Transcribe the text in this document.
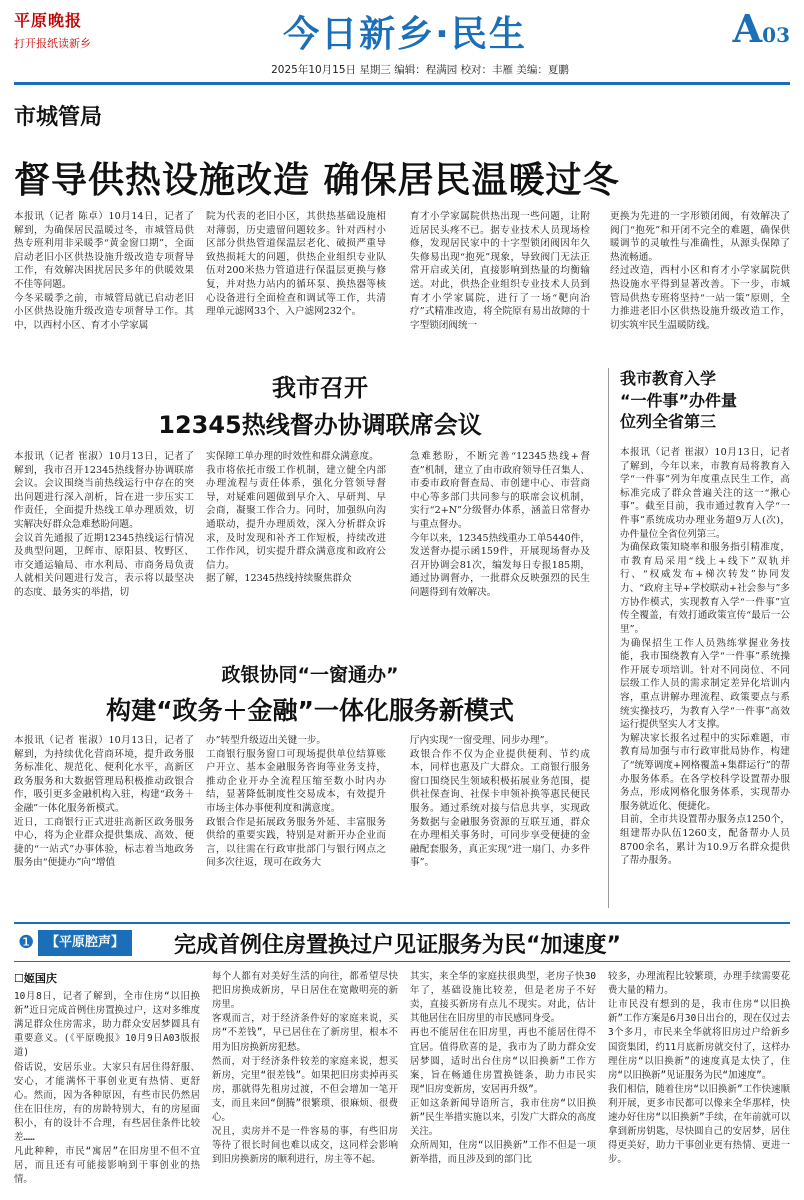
平原晚报
打开报纸读新乡	今日新乡·民生	A03
2025年10月15日 星期三 编辑：程满园 校对：丰雁 美编：夏鹏
市城管局
督导供热设施改造 确保居民温暖过冬
本报讯（记者 陈卓）10月14日，记者了解到，为确保居民温暖过冬，市城管局供热专班利用非采暖季“黄金窗口期”，全面启动老旧小区供热设施升级改造专项督导工作，有效解决困扰居民多年的供暖效果不佳等问题。
今冬采暖季之前，市城管局就已启动老旧小区供热设施升级改造专项督导工作。其中，以西村小区、育才小学家属
院为代表的老旧小区，其供热基础设施相对薄弱，历史遗留问题较多。针对西村小区部分供热管道保温层老化、破损严重导致热损耗大的问题，供热企业组织专业队伍对200米热力管道进行保温层更换与修复，并对热力站内的循环泵、换热器等核心设备进行全面检查和调试等工作，共清理单元滤网33个、入户滤网232个。
育才小学家属院供热出现一些问题，让附近居民头疼不已。据专业技术人员现场检修，发现居民家中的十字型锁闭阀因年久失修易出现“抱死”现象，导致阀门无法正常开启或关闭，直接影响到热量的均衡输送。对此，供热企业组织专业技术人员到育才小学家属院，进行了一场“靶向治疗”式精准改造，将全院原有易出故障的十字型锁闭阀统一
更换为先进的一字形锁闭阀，有效解决了阀门“抱死”和开闭不完全的难题，确保供暖调节的灵敏性与准确性，从源头保障了热流畅通。
经过改造，西村小区和育才小学家属院供热设施水平得到显著改善。下一步，市城管局供热专班将坚持“一站一策”原则，全力推进老旧小区供热设施升级改造工作，切实筑牢民生温暖防线。
我市召开
12345热线督办协调联席会议
本报讯（记者 崔淑）10月13日，记者了解到，我市召开12345热线督办协调联席会议。会议围绕当前热线运行中存在的突出问题进行深入剖析，旨在进一步压实工作责任，全面提升热线工单办理质效，切实解决好群众急难愁盼问题。
会议首先通报了近期12345热线运行情况及典型问题，卫辉市、原阳县、牧野区、市交通运输局、市水利局、市商务局负责人就相关问题进行发言，表示将以最坚决的态度、最务实的举措，切
实保障工单办理的时效性和群众满意度。
我市将依托市级工作机制，建立健全内部办理流程与责任体系，强化分管领导督导，对疑难问题做到早介入、早研判、早会商，凝聚工作合力。同时，加强纵向沟通联动，提升办理质效，深入分析群众诉求，及时发现和补齐工作短板，持续改进工作作风，切实提升群众满意度和政府公信力。
据了解，12345热线持续聚焦群众
急难愁盼，不断完善“12345热线+督查”机制，建立了由市政府领导任召集人、市委市政府督查局、市创建中心、市营商中心等多部门共同参与的联席会议机制，实行“2+N”分级督办体系，涵盖日常督办与重点督办。
今年以来，12345热线重办工单5440件，发送督办提示函159件，开展现场督办及召开协调会81次，编发每日专报185期，通过协调督办，一批群众反映强烈的民生问题得到有效解决。
我市教育入学
“一件事”办件量
位列全省第三
本报讯（记者 崔淑）10月13日，记者了解到，今年以来，市教育局将教育入学“一件事”列为年度重点民生工作，高标准完成了群众普遍关注的这一“揪心事”。截至目前，我市通过教育入学“一件事”系统成功办理业务超9万人(次)，办件量位全省位列第三。
为确保政策知晓率和服务指引精准度，市教育局采用“线上+线下”双轨并行、“权威发布+梯次转发”协同发力、“政府主导+学校联动+社会参与”多方协作模式，实现教育入学“一件事”宣传全覆盖，有效打通政策宣传“最后一公里”。
为确保招生工作人员熟练掌握业务技能，我市围绕教育入学“一件事”系统操作开展专项培训。针对不同岗位、不同层级工作人员的需求制定差异化培训内容，重点讲解办理流程、政策要点与系统实操技巧，为教育入学“一件事”高效运行提供坚实人才支撑。
为解决家长报名过程中的实际难题，市教育局加强与市行政审批局协作，构建了“统筹调度+网格覆盖+集群运行”的帮办服务体系。在各学校科学设置帮办服务点，形成网格化服务体系，实现帮办服务就近化、便捷化。
目前，全市共设置帮办服务点1250个，组建帮办队伍1260支，配备帮办人员8700余名，累计为10.9万名群众提供了帮办服务。
政银协同“一窗通办”
构建“政务＋金融”一体化服务新模式
本报讯（记者 崔淑）10月13日，记者了解到，为持续优化营商环境，提升政务服务标准化、规范化、便利化水平，高新区政务服务和大数据管理局积极推动政银合作，吸引更多金融机构入驻，构建“政务＋金融”一体化服务新模式。
近日，工商银行正式进驻高新区政务服务中心，将为企业群众提供集成、高效、便捷的“一站式”办事体验，标志着当地政务服务由“便捷办”向“增值
办”转型升级迈出关键一步。
工商银行服务窗口可现场提供单位结算账户开立、基本金融服务咨询等业务支持，推动企业开办全流程压缩至数小时内办结，显著降低制度性交易成本，有效提升市场主体办事便利度和满意度。
政银合作是拓展政务服务外延、丰富服务供给的重要实践，特别是对新开办企业而言，以往需在行政审批部门与银行网点之间多次往返，现可在政务大
厅内实现“一窗受理、同步办理”。
政银合作不仅为企业提供便利、节约成本，同样也惠及广大群众。工商银行服务窗口围绕民生领域积极拓展业务范围，提供社保查询、社保卡申领补换等惠民便民服务。通过系统对接与信息共享，实现政务数据与金融服务资源的互联互通，群众在办理相关事务时，可同步享受便捷的金融配套服务，真正实现“进一扇门、办多件事”。
❶ 【平原腔声】	完成首例住房置换过户见证服务为民“加速度”
☐姬国庆
10月8日，记者了解到，全市住房“以旧换新”近日完成首例住房置换过户，这对多维度满足群众住房需求，助力群众安居梦圆具有重要意义。(《平原晚报》10月9日A03版报道)
俗话说，安居乐业。大家只有居住得舒服、安心，才能满怀干事创业更有热情、更舒心。然而，因为各种原因，有些市民仍然居住在旧住房，有的房龄特别大，有的房屋面积小，有的设计不合理，有些居住条件比较差……
凡此种种，市民“寓居”在旧房里不但不宜居，而且还有可能接影响到干事创业的热情。
每个人都有对美好生活的向往，都希望尽快把旧房换成新房，早日居住在宽敞明亮的新房里。
客观而言，对于经济条件好的家庭来说，买房“不差钱”，早已居住在了新房里，根本不用为旧房换新房犯愁。
然而，对于经济条件较差的家庭来说，想买新房，完里“很差钱”。如果把旧房卖掉再买房，那就得先租房过渡，不但会增加一笔开支，而且来回“倒腾”很繁琐、很麻烦、很费心。
况且，卖房并不是一件容易的事，有些旧房等待了很长时间也难以成交，这同样会影响到旧房换新房的顺利进行，房主等不起。
其实，来全华的家庭扶很典型，老房子快30年了，基础设施比较差，但是老房子不好卖，直接买新房有点儿不现实。对此，估计其他居住在旧房里的市民感同身受。
再也不能居住在旧房里，再也不能居住得不宜居。值得欣喜的是，我市为了助力群众安居梦圆，适时出台住房“以旧换新”工作方案，旨在畅通住房置换链条，助力市民实现“旧房变新房，安居再升级”。
正如这条新闻导语所言，我市住房“以旧换新”民生举措实施以来，引发广大群众的高度关注。
众所周知，住房“以旧换新”工作不但是一项新举措，而且涉及到的部门比
较多，办理流程比较繁琐，办理手续需要花费大量的精力。
让市民没有想到的是，我市住房“以旧换新”工作方案是6月30日出台的，现在仅过去3个多月，市民来全华就将旧房过户给新乡国资集团，约11月底新房就交付了，这样办理住房“以旧换新”的速度真是太快了，住房“以旧换新”见证服务为民“加速度”。
我们相信，随着住房“以旧换新”工作快速顺利开展，更多市民都可以像来全华那样，快速办好住房“以旧换新”手续，在年前就可以拿到新房钥匙，尽快圆自己的安居梦，居住得更美好，助力干事创业更有热情、更进一步。
